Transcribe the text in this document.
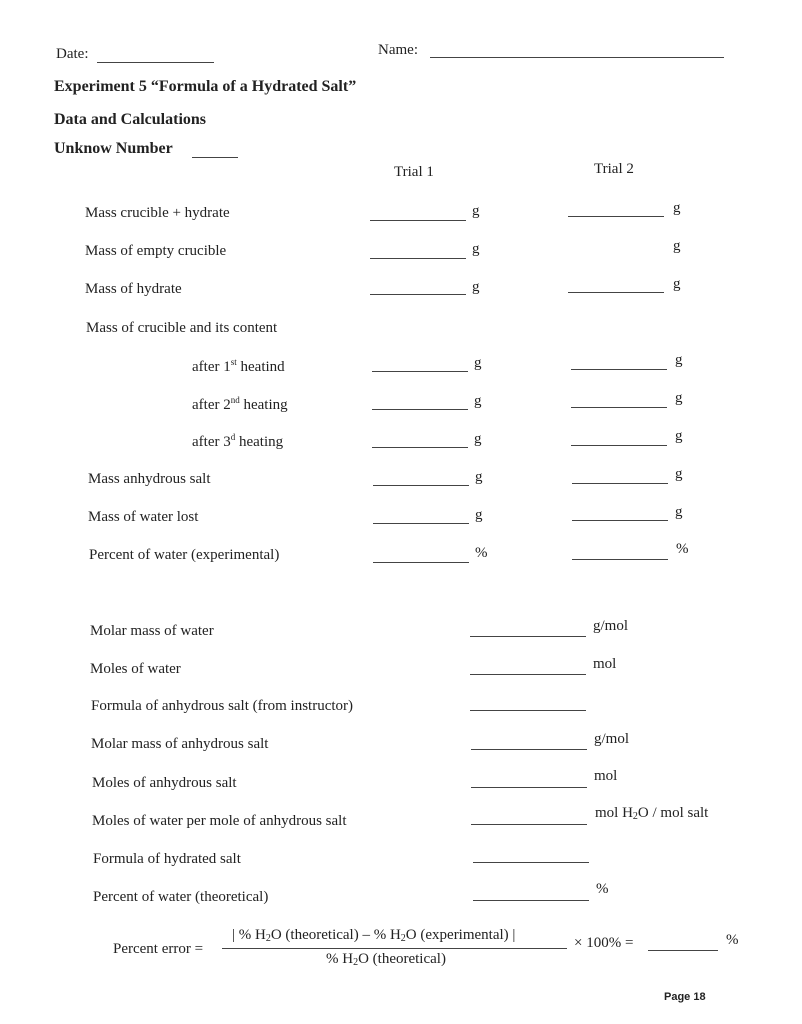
Date:	Name:
Experiment 5 “Formula of a Hydrated Salt”
Data and Calculations
Unknow Number
Trial 1	Trial 2
Mass crucible + hydrate	g	g
Mass of empty crucible	g	g
Mass of hydrate	g	g
Mass of crucible and its content
after 1st heatind	g	g
after 2nd heating	g	g
after 3$^d$ heating	g	g
Mass anhydrous salt	g	g
Mass of water lost	g	g
Percent of water (experimental)	%	%
Molar mass of water	g/mol
Moles of water	mol
Formula of anhydrous salt (from instructor)
Molar mass of anhydrous salt	g/mol
Moles of anhydrous salt	mol
Moles of water per mole of anhydrous salt	mol $H_2O$ / mol salt
Formula of hydrated salt
Percent of water (theoretical)	%
Percent error =
| % $H_2O$ (theoretical) – % $H_2O$ (experimental) |
% $H_2O$ (theoretical)
× 100% =	%
Page 18
